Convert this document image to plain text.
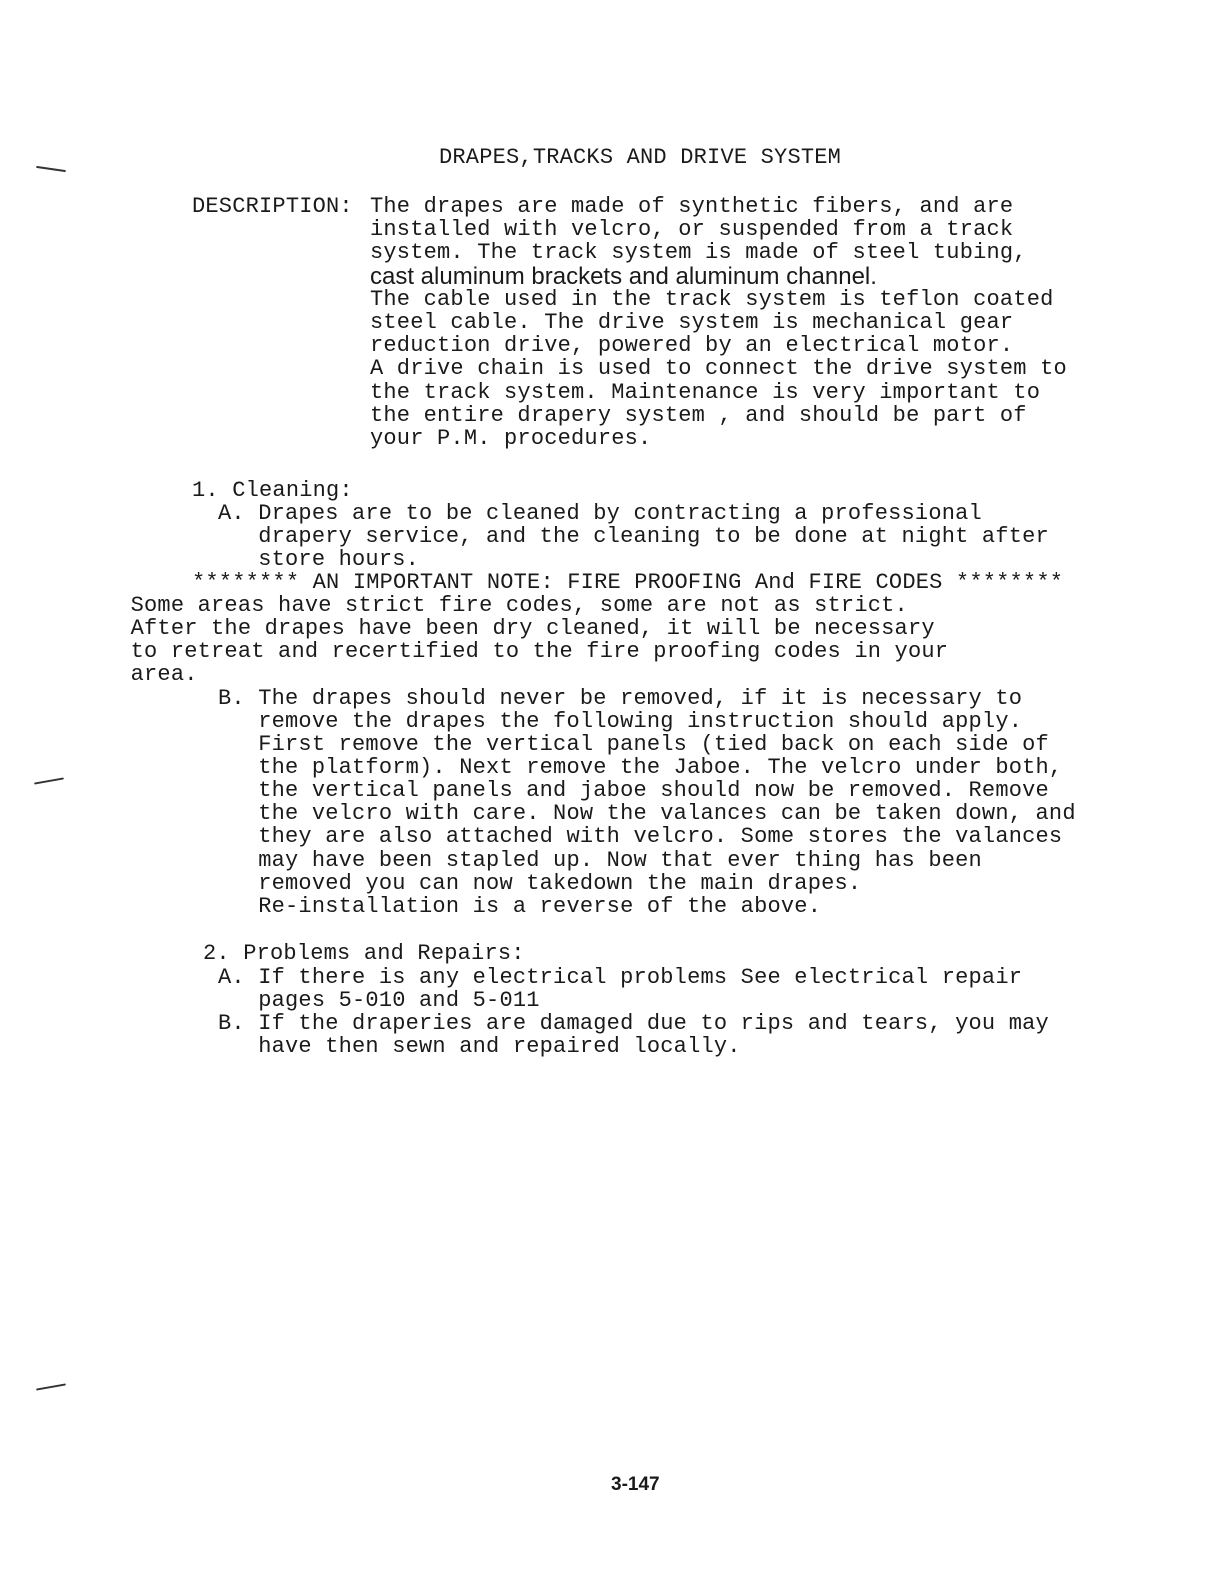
DRAPES,TRACKS AND DRIVE SYSTEM
DESCRIPTION: The drapes are made of synthetic fibers, and are
installed with velcro, or suspended from a track
system. The track system is made of steel tubing,
cast aluminum brackets and aluminum channel.
The cable used in the track system is teflon coated
steel cable. The drive system is mechanical gear
reduction drive, powered by an electrical motor.
A drive chain is used to connect the drive system to
the track system. Maintenance is very important to
the entire drapery system , and should be part of
your P.M. procedures.
1. Cleaning:
A. Drapes are to be cleaned by contracting a professional
drapery service, and the cleaning to be done at night after
store hours.
******** AN IMPORTANT NOTE: FIRE PROOFING And FIRE CODES ********
Some areas have strict fire codes, some are not as strict.
After the drapes have been dry cleaned, it will be necessary
to retreat and recertified to the fire proofing codes in your
area.
B. The drapes should never be removed, if it is necessary to
remove the drapes the following instruction should apply.
First remove the vertical panels (tied back on each side of
the platform). Next remove the Jaboe. The velcro under both,
the vertical panels and jaboe should now be removed. Remove
the velcro with care. Now the valances can be taken down, and
they are also attached with velcro. Some stores the valances
may have been stapled up. Now that ever thing has been
removed you can now takedown the main drapes.
Re-installation is a reverse of the above.
2. Problems and Repairs:
A. If there is any electrical problems See electrical repair
pages 5-010 and 5-011
B. If the draperies are damaged due to rips and tears, you may
have then sewn and repaired locally.
3-147
